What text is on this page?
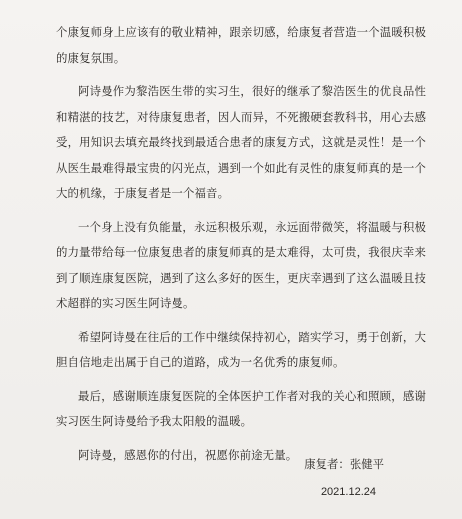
个康复师身上应该有的敬业精神，跟亲切感，给康复者营造一个温暖积极的康复氛围。

阿诗曼作为黎浩医生带的实习生，很好的继承了黎浩医生的优良品性和精湛的技艺，对待康复患者，因人而异，不死搬硬套教科书，用心去感受，用知识去填充最终找到最适合患者的康复方式，这就是灵性！是一个从医生最难得最宝贵的闪光点，遇到一个如此有灵性的康复师真的是一个大的机缘，于康复者是一个福音。

一个身上没有负能量，永远积极乐观，永远面带微笑，将温暖与积极的力量带给每一位康复患者的康复师真的是太难得，太可贵，我很庆幸来到了顺连康复医院，遇到了这么多好的医生，更庆幸遇到了这么温暖且技术超群的实习医生阿诗曼。

希望阿诗曼在往后的工作中继续保持初心，踏实学习，勇于创新，大胆自信地走出属于自己的道路，成为一名优秀的康复师。

最后，感谢顺连康复医院的全体医护工作者对我的关心和照顾，感谢实习医生阿诗曼给予我太阳般的温暖。

阿诗曼，感恩你的付出，祝愿你前途无量。

康复者：张健平
2021.12.24
